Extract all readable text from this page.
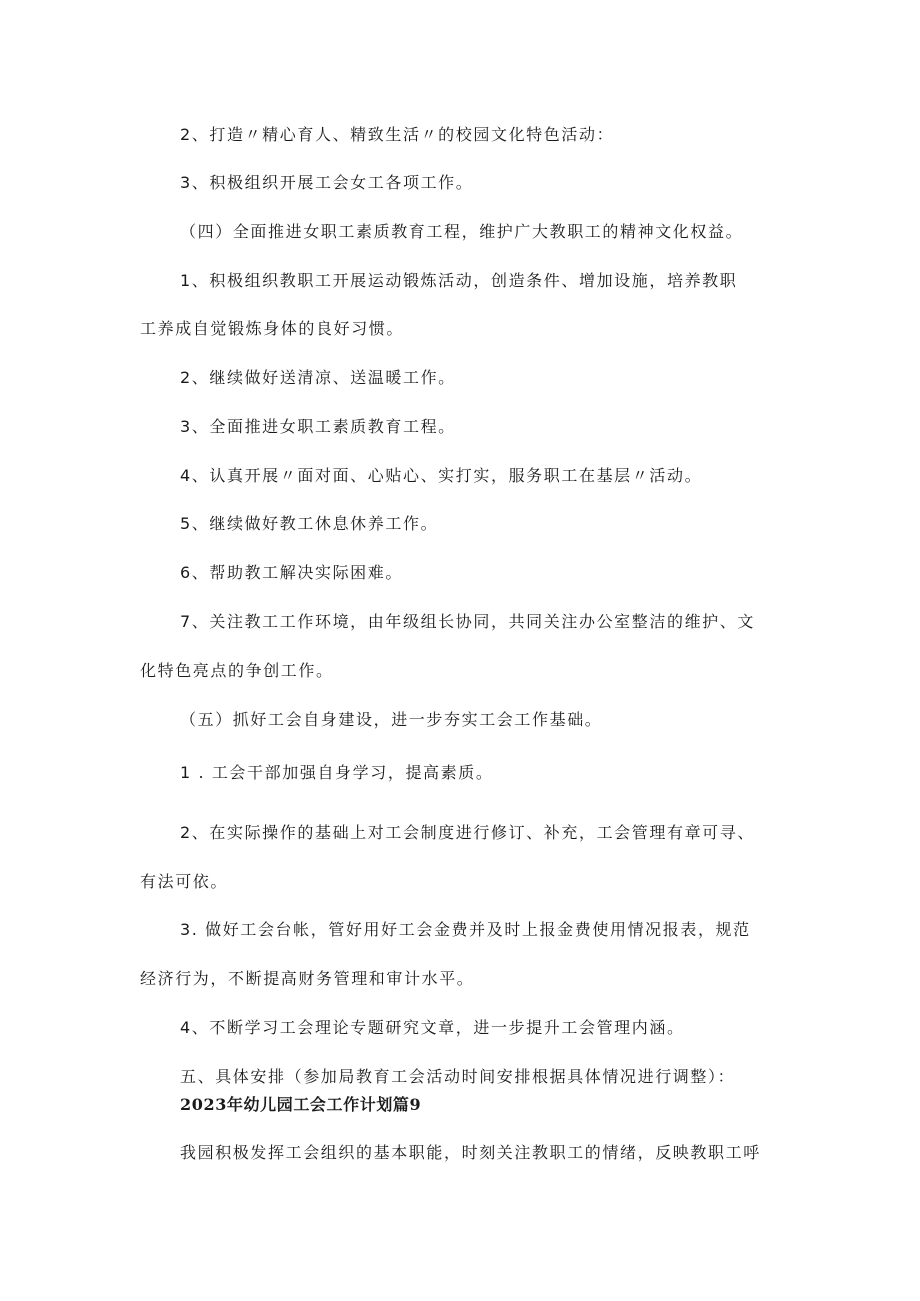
2、打造〃精心育人、精致生活〃的校园文化特色活动：
3、积极组织开展工会女工各项工作。
（四）全面推进女职工素质教育工程，维护广大教职工的精神文化权益。
1、积极组织教职工开展运动锻炼活动，创造条件、增加设施，培养教职
工养成自觉锻炼身体的良好习惯。
2、继续做好送清凉、送温暖工作。
3、全面推进女职工素质教育工程。
4、认真开展〃面对面、心贴心、实打实，服务职工在基层〃活动。
5、继续做好教工休息休养工作。
6、帮助教工解决实际困难。
7、关注教工工作环境，由年级组长协同，共同关注办公室整洁的维护、文
化特色亮点的争创工作。
（五）抓好工会自身建设，进一步夯实工会工作基础。
1 . 工会干部加强自身学习，提高素质。
2、在实际操作的基础上对工会制度进行修订、补充，工会管理有章可寻、
有法可依。
3. 做好工会台帐，管好用好工会金费并及时上报金费使用情况报表，规范
经济行为，不断提高财务管理和审计水平。
4、不断学习工会理论专题研究文章，进一步提升工会管理内涵。
五、具体安排（参加局教育工会活动时间安排根据具体情况进行调整）：
2023年幼儿园工会工作计划篇9
我园积极发挥工会组织的基本职能，时刻关注教职工的情绪，反映教职工呼
